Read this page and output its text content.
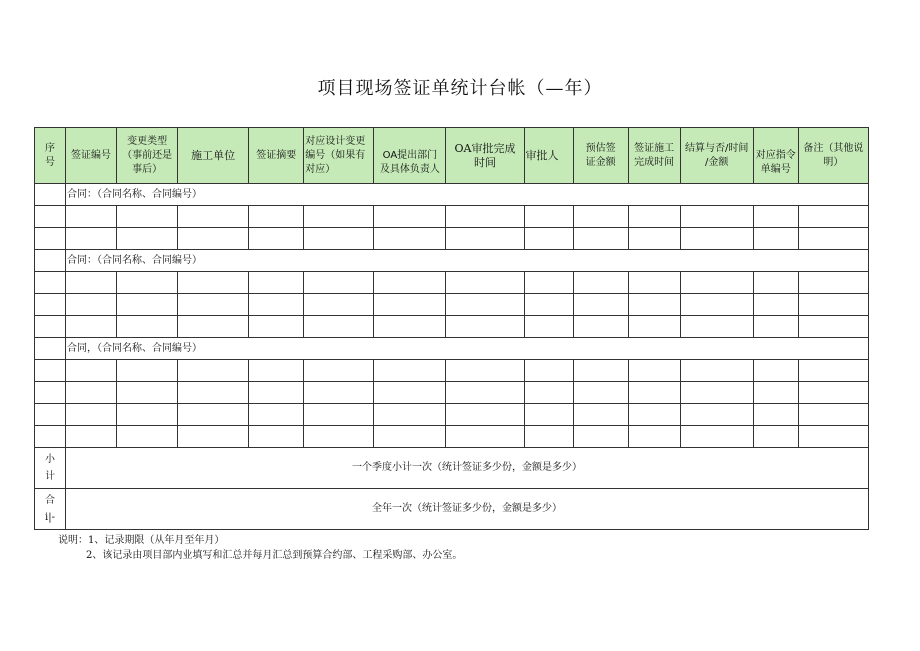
项目现场签证单统计台帐（—年）
序
号	签证编号	变更类型
（事前还是
事后）	施工单位	签证摘要	对应设计变更
编号（如果有
对应）	OA提出部门
及具体负责人	OA审批完成
时间	审批人	预估签
证金额	签证施工
完成时间	结算与否/时间
/金额	对应指令
单编号	备注（其他说
明）
	合同：（合同名称、合同编号）												

	合同：（合同名称、合同编号）												

	合同，（合同名称、合同编号）												

小
计	一个季度小计一次（统计签证多少份，金额是多少）												
合
i|-	全年一次（统计签证多少份，金额是多少）												
说明：1、记录期限（从年月至年月）
2、该记录由项目部内业填写和汇总并每月汇总到预算合约部、工程采购部、办公室。
